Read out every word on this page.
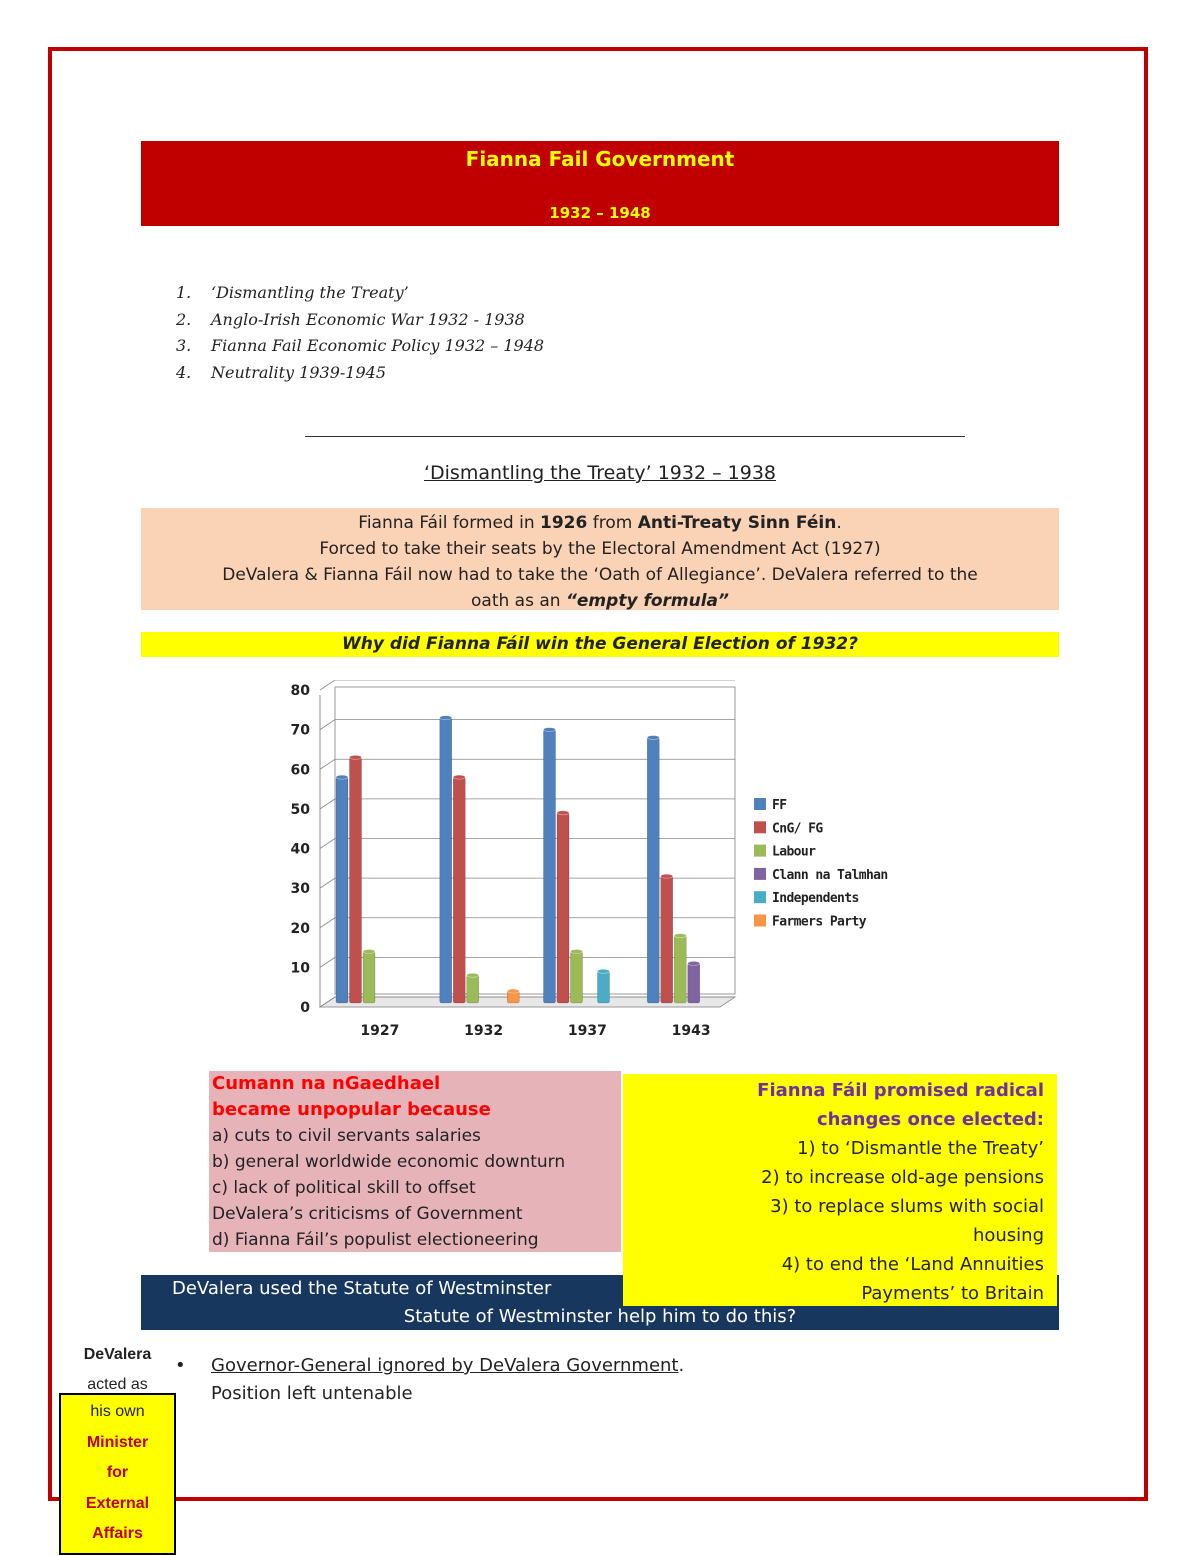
Fianna Fail Government
1932 – 1948
1. ‘Dismantling the Treaty’
2. Anglo-Irish Economic War 1932 - 1938
3. Fianna Fail Economic Policy 1932 – 1948
4. Neutrality 1939-1945
‘Dismantling the Treaty’ 1932 – 1938
Fianna Fáil formed in 1926 from Anti-Treaty Sinn Féin.
Forced to take their seats by the Electoral Amendment Act (1927)
DeValera & Fianna Fáil now had to take the ‘Oath of Allegiance’. DeValera referred to the
oath as an “empty formula”
Why did Fianna Fáil win the General Election of 1932?
0
10
20
30
40
50
60
70
80
1927	1932	1937	1943
FF
CnG/ FG
Labour
Clann na Talmhan
Independents
Farmers Party
Cumann na nGaedhael
became unpopular because
a) cuts to civil servants salaries
b) general worldwide economic downturn
c) lack of political skill to offset
DeValera’s criticisms of Government
d) Fianna Fáil’s populist electioneering
DeValera used the Statute of Westminster
Statute of Westminster help him to do this?
Fianna Fáil promised radical
changes once elected:
1) to ‘Dismantle the Treaty’
2) to increase old-age pensions
3) to replace slums with social
housing
4) to end the ‘Land Annuities
Payments’ to Britain
DeValera
acted as
his own
Minister
for
External
Affairs
• Governor-General ignored by DeValera Government.
Position left untenable
